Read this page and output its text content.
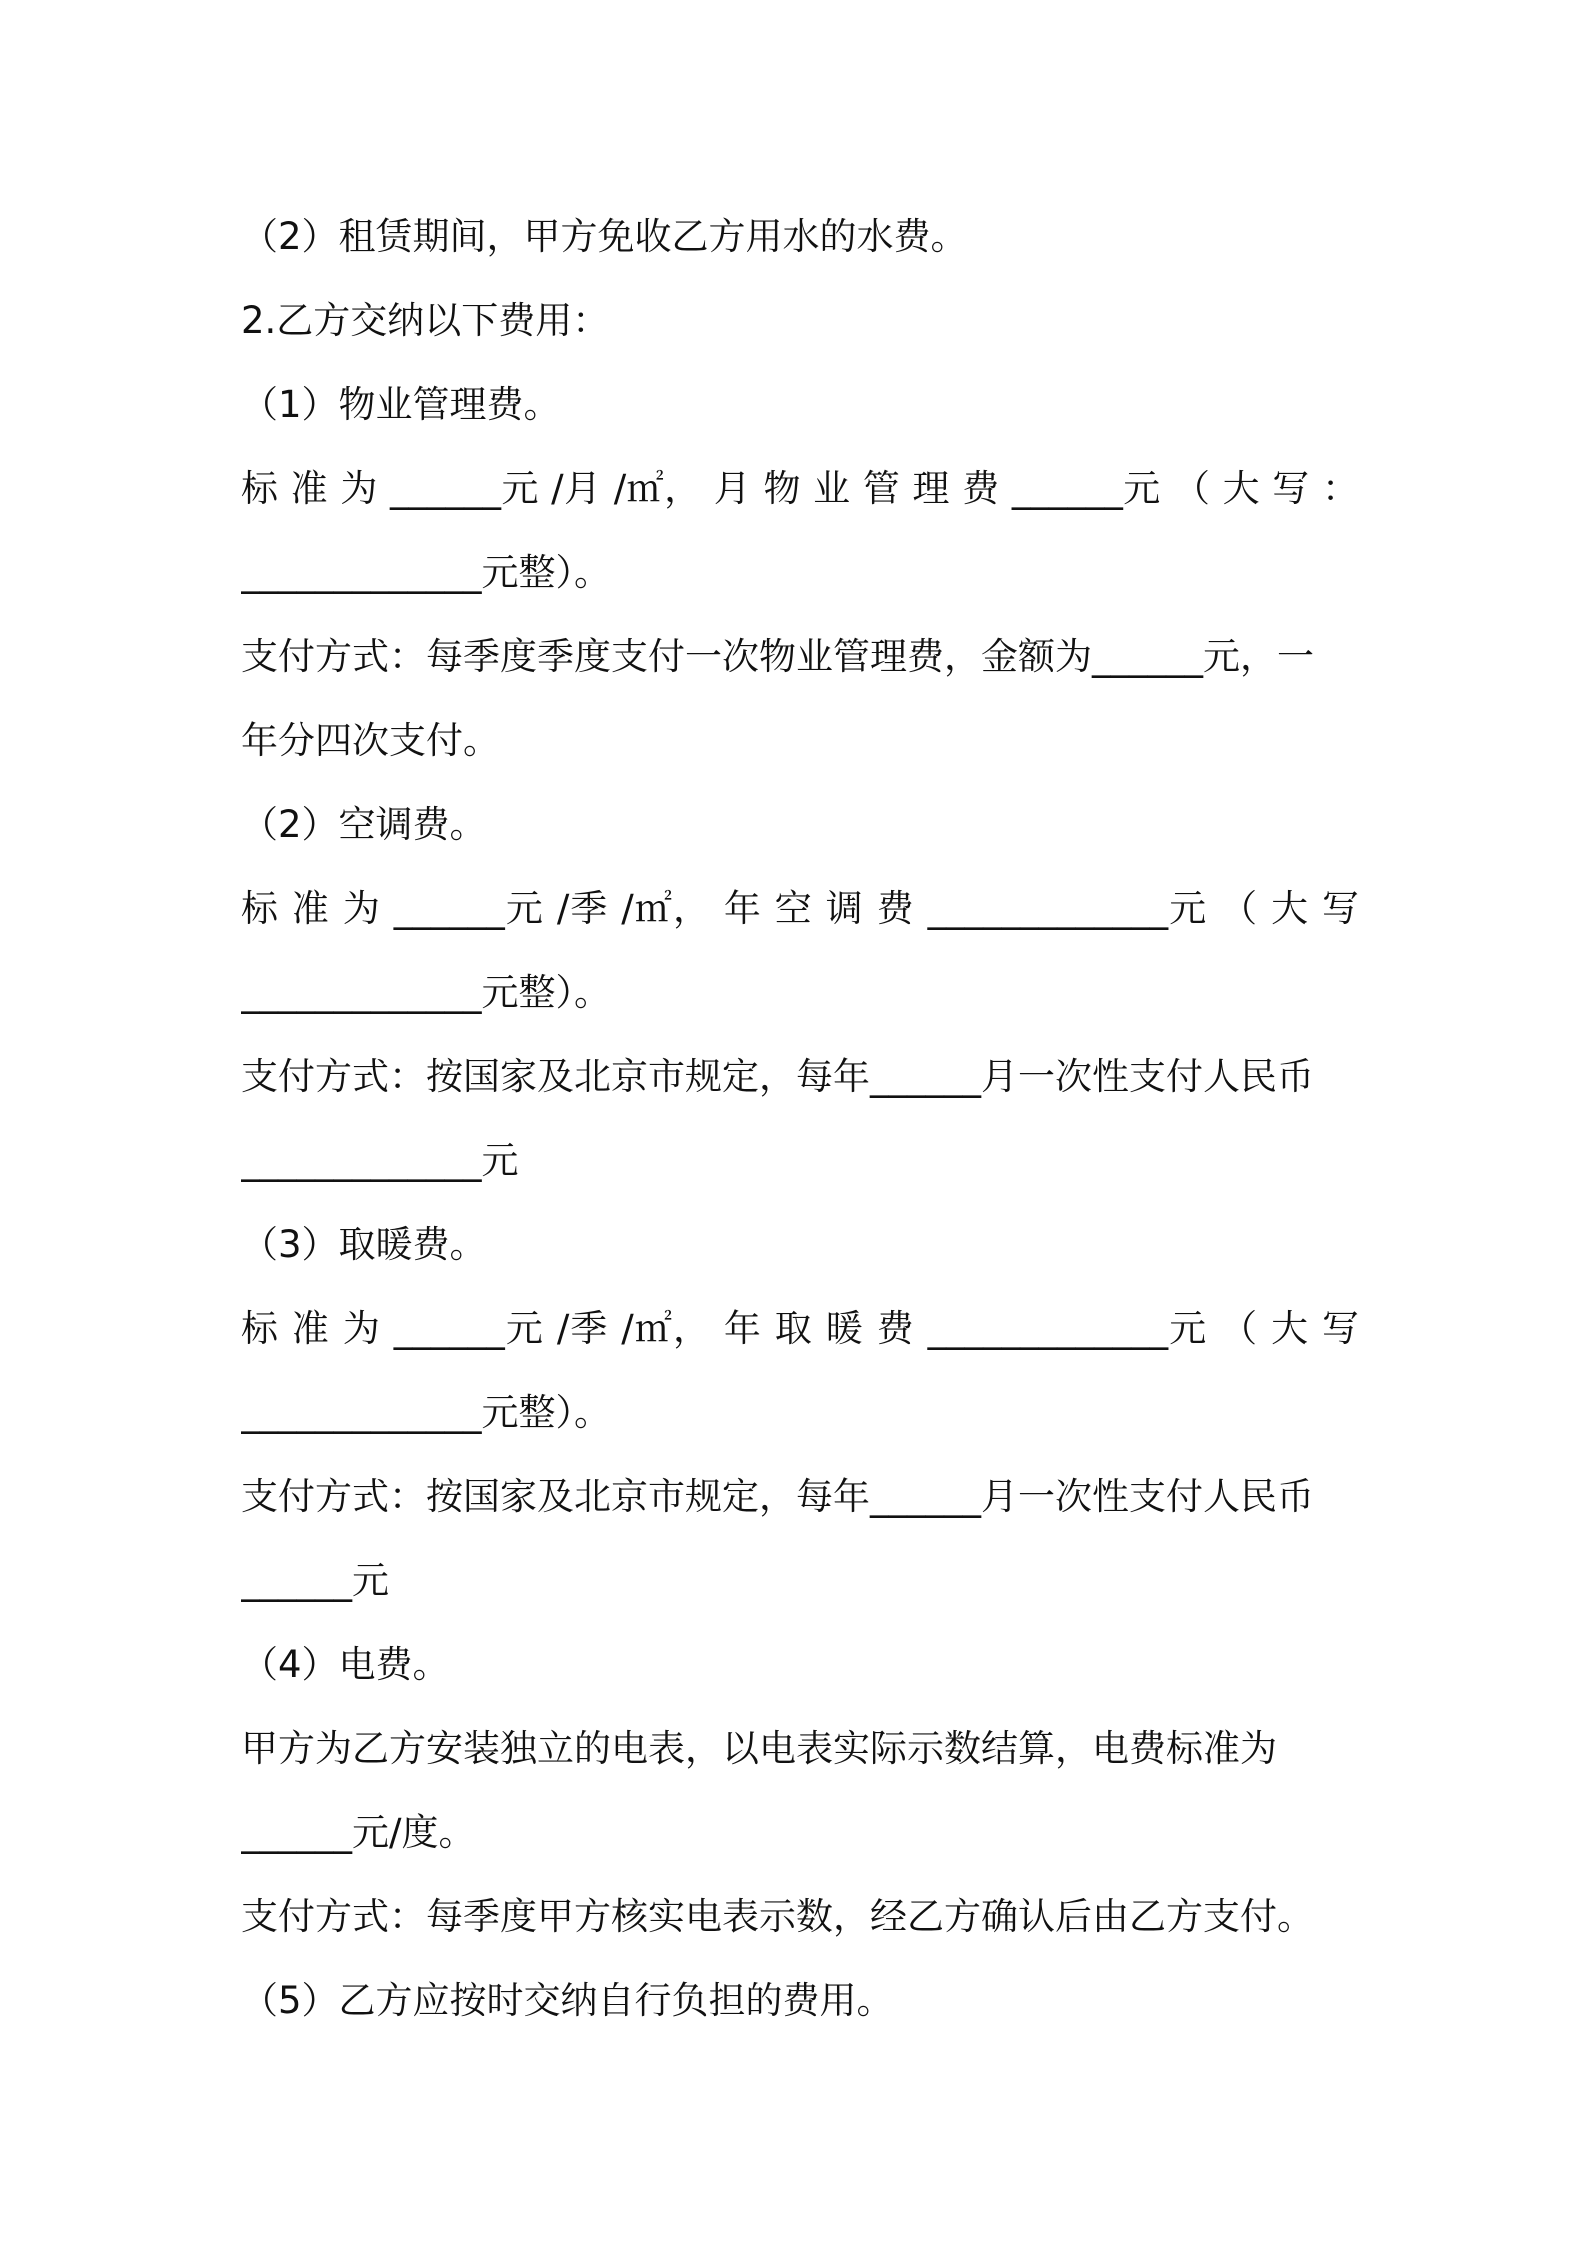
（2）租赁期间，甲方免收乙方用水的水费。
2.乙方交纳以下费用：
（1）物业管理费。
标 准 为 ______元 /月 /㎡， 月 物 业 管 理 费 ______元 （ 大 写 ：
_____________元整）。
支付方式：每季度季度支付一次物业管理费，金额为______元，一
年分四次支付。
（2）空调费。
标 准 为 ______元 /季 /㎡， 年 空 调 费 _____________元 （ 大 写
_____________元整）。
支付方式：按国家及北京市规定，每年______月一次性支付人民币
_____________元
（3）取暖费。
标 准 为 ______元 /季 /㎡， 年 取 暖 费 _____________元 （ 大 写
_____________元整）。
支付方式：按国家及北京市规定，每年______月一次性支付人民币
______元
（4）电费。
甲方为乙方安装独立的电表，以电表实际示数结算，电费标准为
______元/度。
支付方式：每季度甲方核实电表示数，经乙方确认后由乙方支付。
（5）乙方应按时交纳自行负担的费用。
